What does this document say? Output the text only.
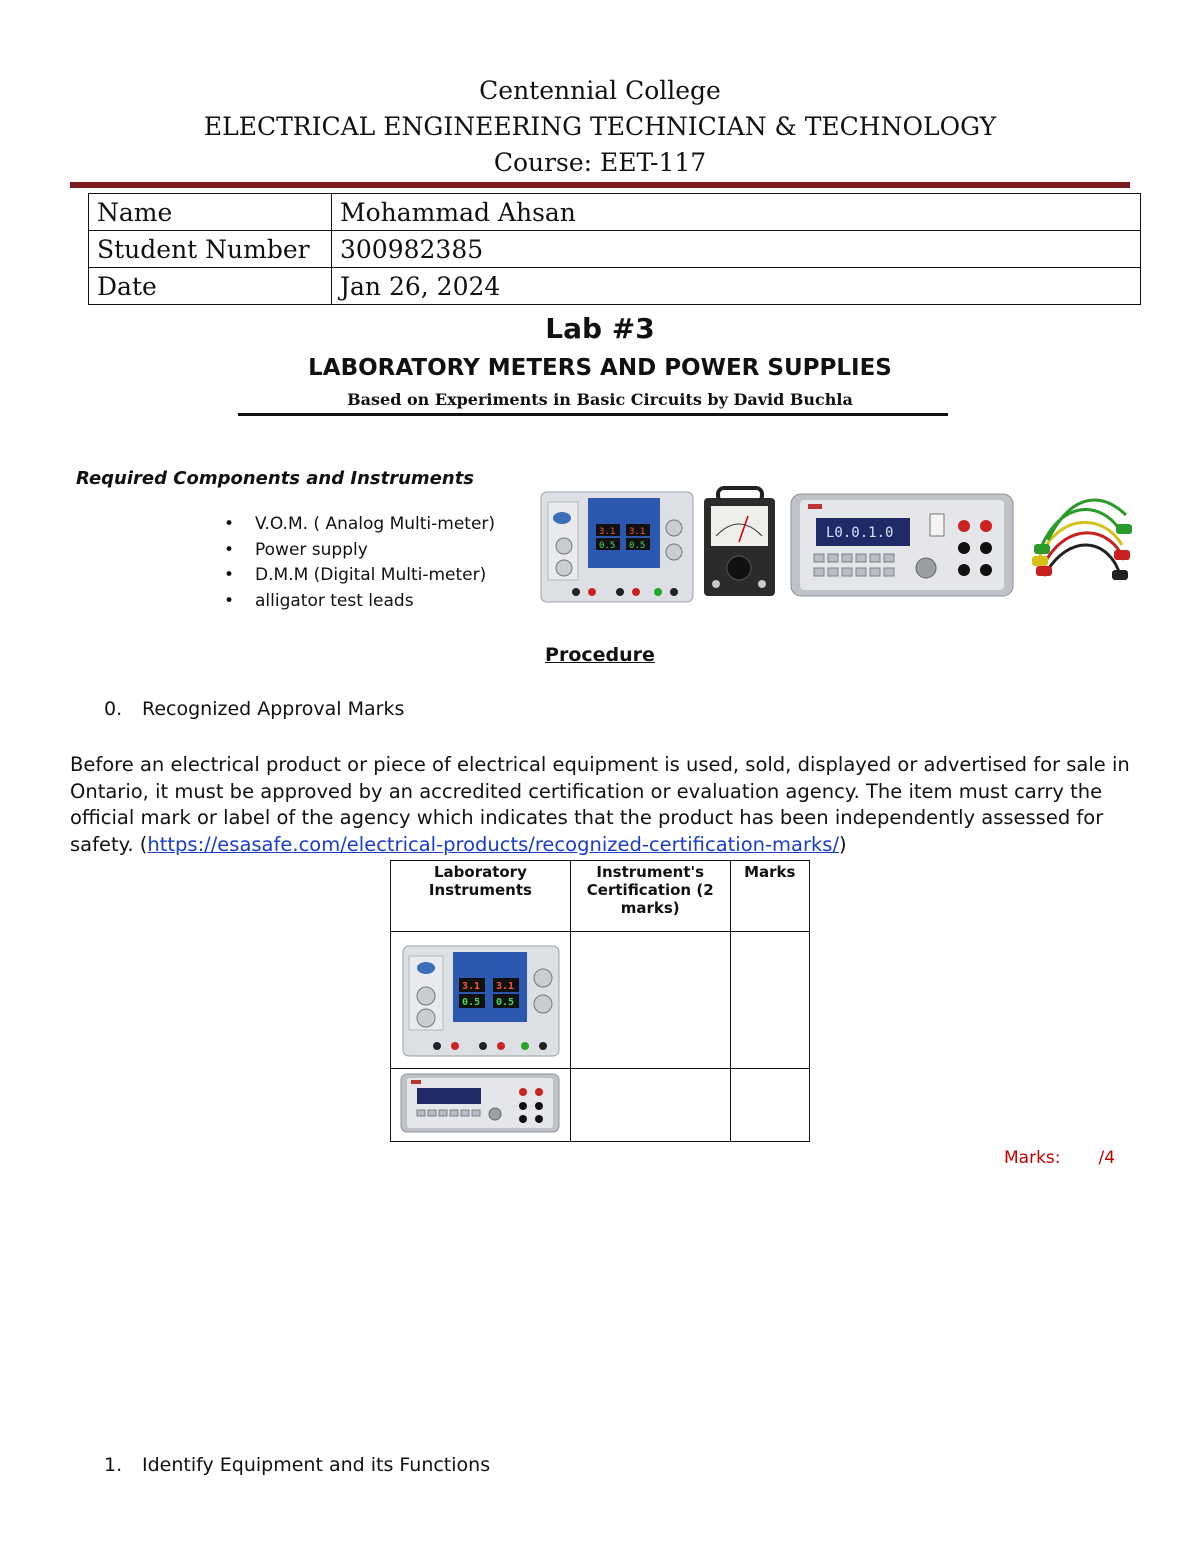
Centennial College
ELECTRICAL ENGINEERING TECHNICIAN & TECHNOLOGY
Course: EET-117
Name	Mohammad Ahsan
Student Number	300982385
Date	Jan 26, 2024
Lab #3
LABORATORY METERS AND POWER SUPPLIES
Based on Experiments in Basic Circuits by David Buchla
Required Components and Instruments
• V.O.M. ( Analog Multi-meter)
• Power supply
• D.M.M (Digital Multi-meter)
• alligator test leads
3.1 3.1
0.5 0.5
L0.0.1.0
Procedure
0. Recognized Approval Marks
Before an electrical product or piece of electrical equipment is used, sold, displayed or advertised for sale in Ontario, it must be approved by an accredited certification or evaluation agency. The item must carry the official mark or label of the agency which indicates that the product has been independently assessed for safety. (https://esasafe.com/electrical-products/recognized-certification-marks/)
Laboratory Instruments	Instrument's Certification (2 marks)	Marks

3.1 3.1
0.5 0.5		

Marks: /4
1. Identify Equipment and its Functions
